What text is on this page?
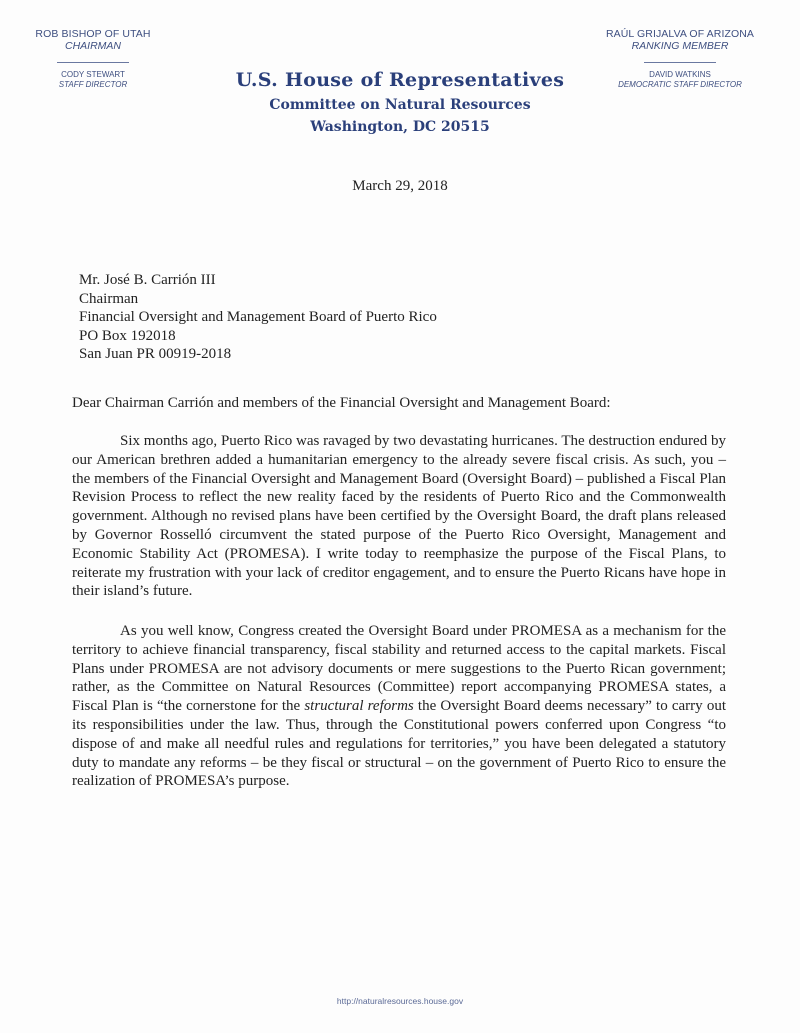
ROB BISHOP OF UTAH
CHAIRMAN
CODY STEWART
STAFF DIRECTOR
RAÚL GRIJALVA OF ARIZONA
RANKING MEMBER
DAVID WATKINS
DEMOCRATIC STAFF DIRECTOR
U.S. House of Representatives
Committee on Natural Resources
Washington, DC 20515
March 29, 2018
Mr. José B. Carrión III
Chairman
Financial Oversight and Management Board of Puerto Rico
PO Box 192018
San Juan PR 00919-2018
Dear Chairman Carrión and members of the Financial Oversight and Management Board:

Six months ago, Puerto Rico was ravaged by two devastating hurricanes. The destruction endured by our American brethren added a humanitarian emergency to the already severe fiscal crisis. As such, you – the members of the Financial Oversight and Management Board (Oversight Board) – published a Fiscal Plan Revision Process to reflect the new reality faced by the residents of Puerto Rico and the Commonwealth government. Although no revised plans have been certified by the Oversight Board, the draft plans released by Governor Rosselló circumvent the stated purpose of the Puerto Rico Oversight, Management and Economic Stability Act (PROMESA). I write today to reemphasize the purpose of the Fiscal Plans, to reiterate my frustration with your lack of creditor engagement, and to ensure the Puerto Ricans have hope in their island’s future.

As you well know, Congress created the Oversight Board under PROMESA as a mechanism for the territory to achieve financial transparency, fiscal stability and returned access to the capital markets. Fiscal Plans under PROMESA are not advisory documents or mere suggestions to the Puerto Rican government; rather, as the Committee on Natural Resources (Committee) report accompanying PROMESA states, a Fiscal Plan is “the cornerstone for the structural reforms the Oversight Board deems necessary” to carry out its responsibilities under the law. Thus, through the Constitutional powers conferred upon Congress “to dispose of and make all needful rules and regulations for territories,” you have been delegated a statutory duty to mandate any reforms – be they fiscal or structural – on the government of Puerto Rico to ensure the realization of PROMESA’s purpose.

http://naturalresources.house.gov
